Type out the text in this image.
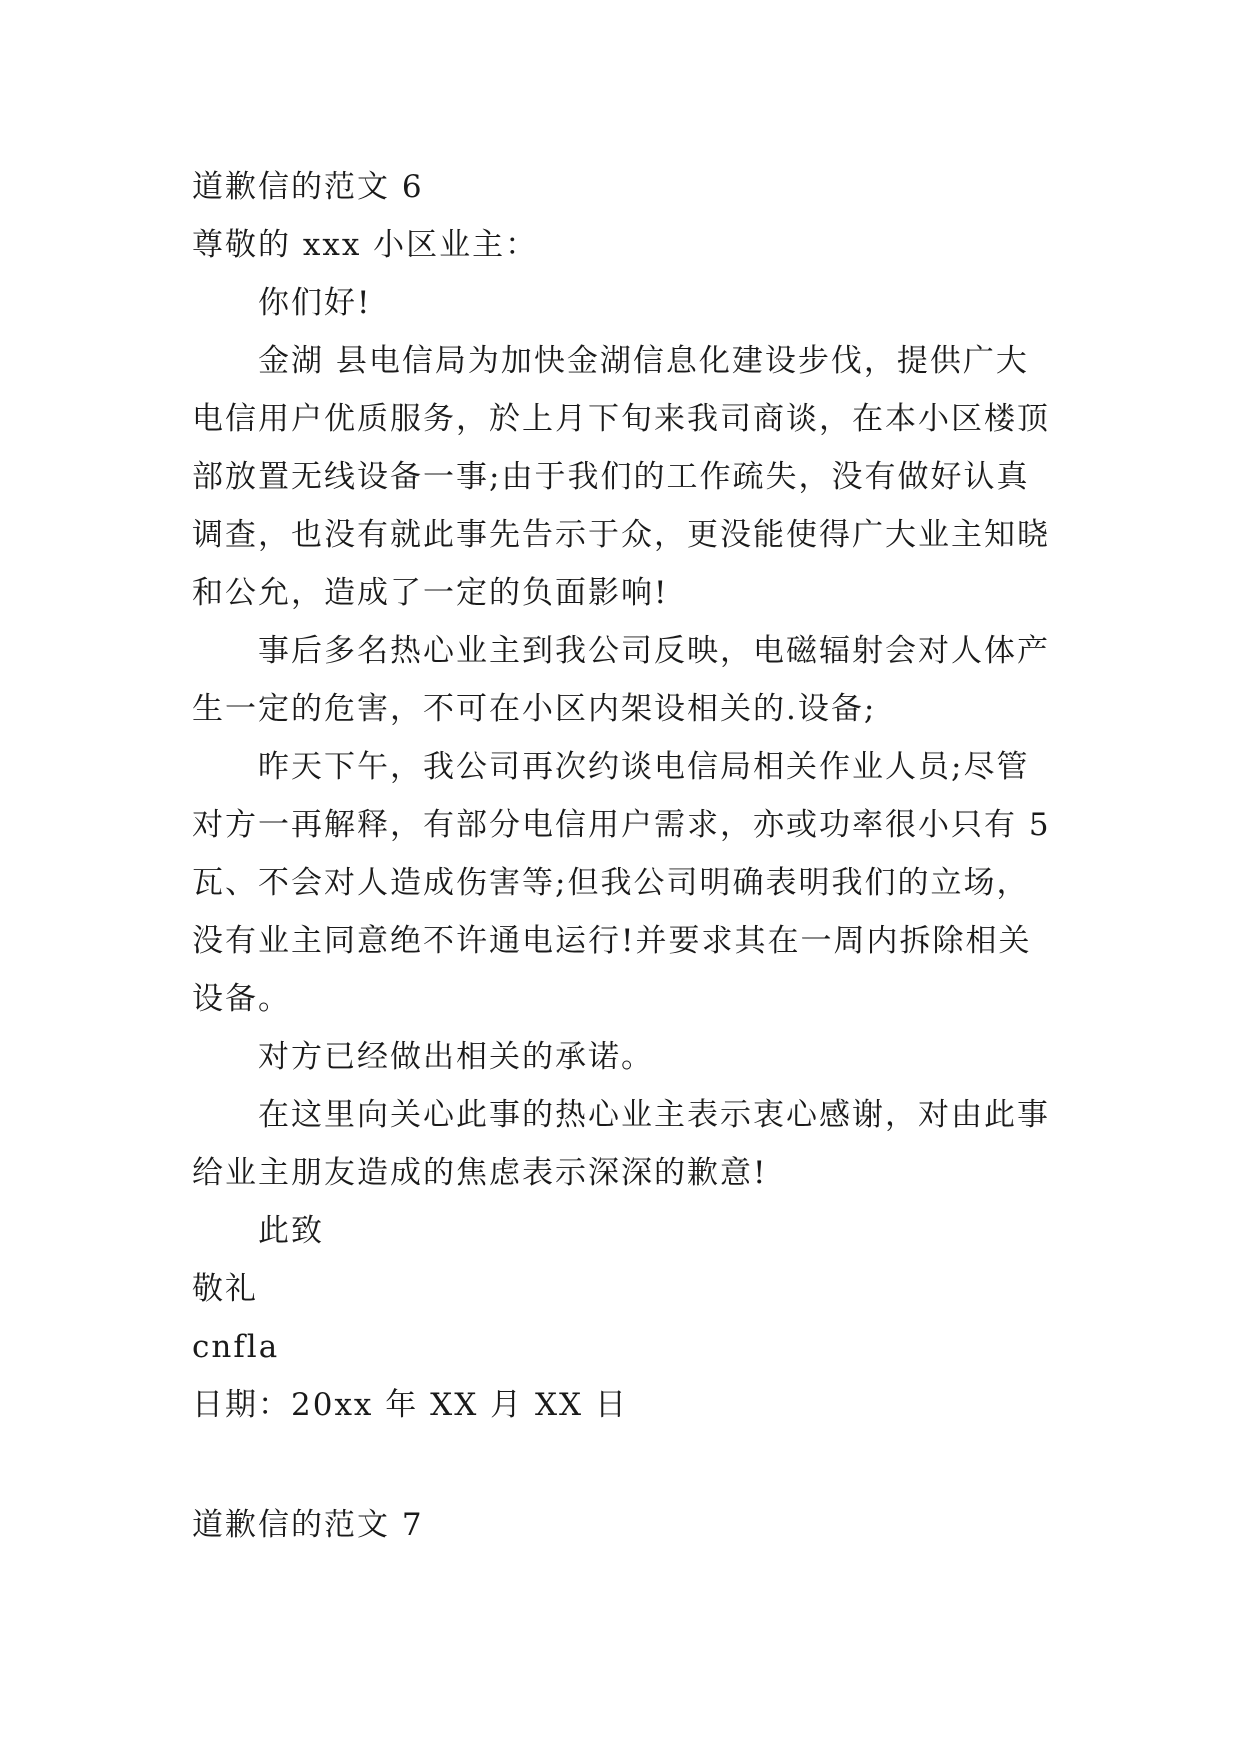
道歉信的范文 6

尊敬的 xxx 小区业主：

你们好!

金湖 县电信局为加快金湖信息化建设步伐，提供广大电信用户优质服务，於上月下旬来我司商谈，在本小区楼顶部放置无线设备一事;由于我们的工作疏失，没有做好认真调查，也没有就此事先告示于众，更没能使得广大业主知晓和公允，造成了一定的负面影响!

事后多名热心业主到我公司反映，电磁辐射会对人体产生一定的危害，不可在小区内架设相关的.设备;

昨天下午，我公司再次约谈电信局相关作业人员;尽管对方一再解释，有部分电信用户需求，亦或功率很小只有 5 瓦、不会对人造成伤害等;但我公司明确表明我们的立场，没有业主同意绝不许通电运行!并要求其在一周内拆除相关设备。

对方已经做出相关的承诺。

在这里向关心此事的热心业主表示衷心感谢，对由此事给业主朋友造成的焦虑表示深深的歉意!

此致

敬礼

cnfla

日期：20xx 年 XX 月 XX 日

道歉信的范文 7
